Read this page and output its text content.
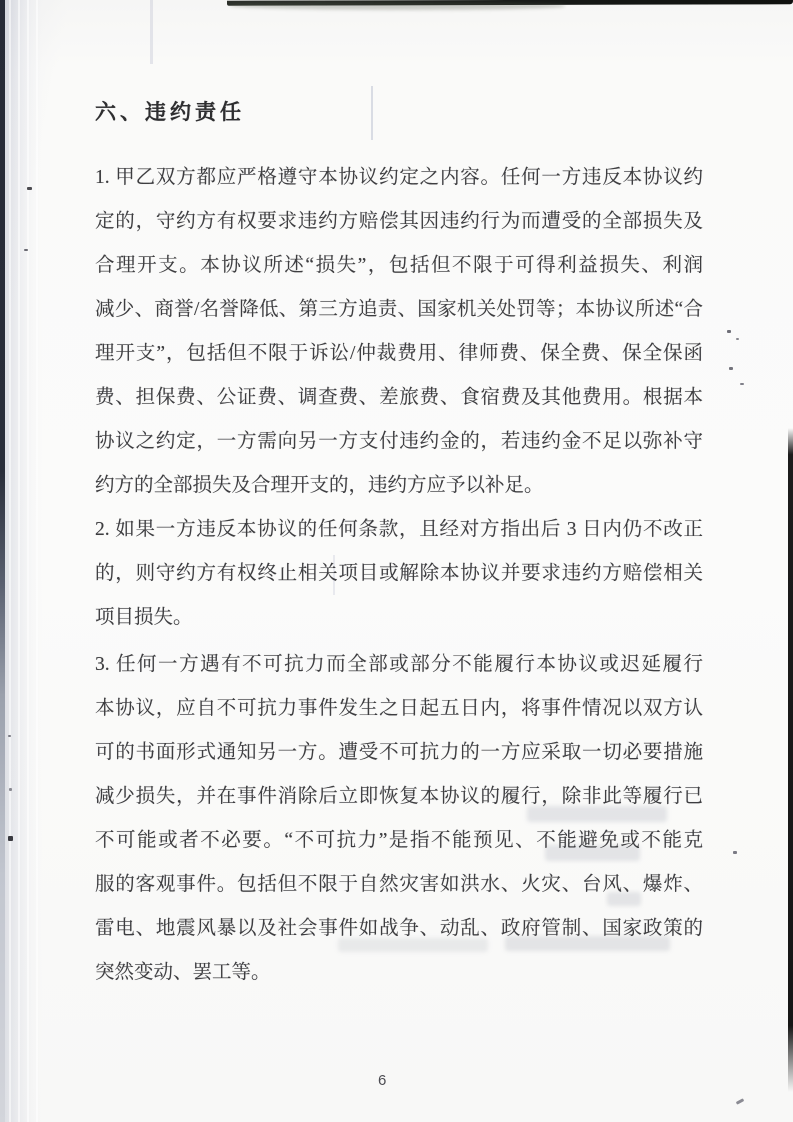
六、违约责任
1. 甲乙双方都应严格遵守本协议约定之内容。任何一方违反本协议约
定的，守约方有权要求违约方赔偿其因违约行为而遭受的全部损失及
合理开支。本协议所述“损失”，包括但不限于可得利益损失、利润
减少、商誉/名誉降低、第三方追责、国家机关处罚等；本协议所述“合
理开支”，包括但不限于诉讼/仲裁费用、律师费、保全费、保全保函
费、担保费、公证费、调查费、差旅费、食宿费及其他费用。根据本
协议之约定，一方需向另一方支付违约金的，若违约金不足以弥补守
约方的全部损失及合理开支的，违约方应予以补足。
2. 如果一方违反本协议的任何条款，且经对方指出后 3 日内仍不改正
的，则守约方有权终止相关项目或解除本协议并要求违约方赔偿相关
项目损失。
3. 任何一方遇有不可抗力而全部或部分不能履行本协议或迟延履行
本协议，应自不可抗力事件发生之日起五日内，将事件情况以双方认
可的书面形式通知另一方。遭受不可抗力的一方应采取一切必要措施
减少损失，并在事件消除后立即恢复本协议的履行，除非此等履行已
不可能或者不必要。“不可抗力”是指不能预见、不能避免或不能克
服的客观事件。包括但不限于自然灾害如洪水、火灾、台风、爆炸、
雷电、地震风暴以及社会事件如战争、动乱、政府管制、国家政策的
突然变动、罢工等。
6
